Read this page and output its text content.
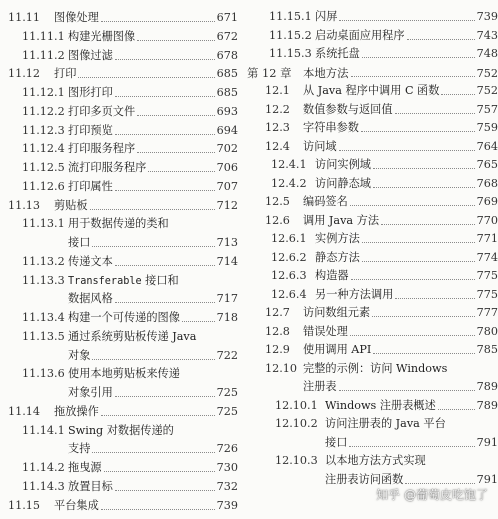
11.11	图像处理	671
11.11.1 构建光栅图像	672
11.11.2 图像过滤	678
11.12	打印	685
11.12.1 图形打印	685
11.12.2 打印多页文件	693
11.12.3 打印预览	694
11.12.4 打印服务程序	702
11.12.5 流打印服务程序	706
11.12.6 打印属性	707
11.13	剪贴板	712
11.13.1 用于数据传递的类和
接口	713
11.13.2 传递文本	714
11.13.3 Transferable 接口和
数据风格	717
11.13.4 构建一个可传递的图像	718
11.13.5 通过系统剪贴板传递 Java
对象	722
11.13.6 使用本地剪贴板来传递
对象引用	725
11.14	拖放操作	725
11.14.1 Swing 对数据传递的
支持	726
11.14.2 拖曳源	730
11.14.3 放置目标	732
11.15	平台集成	739
11.15.1 闪屏	739
11.15.2 启动桌面应用程序	743
11.15.3 系统托盘	748
第 12 章	本地方法	752
12.1	从 Java 程序中调用 C 函数	752
12.2	数值参数与返回值	757
12.3	字符串参数	759
12.4	访问域	764
12.4.1 访问实例域	765
12.4.2 访问静态域	768
12.5	编码签名	769
12.6	调用 Java 方法	770
12.6.1 实例方法	771
12.6.2 静态方法	774
12.6.3 构造器	775
12.6.4 另一种方法调用	775
12.7	访问数组元素	777
12.8	错误处理	780
12.9	使用调用 API	785
12.10 完整的示例：访问 Windows
注册表	789
12.10.1 Windows 注册表概述	789
12.10.2 访问注册表的 Java 平台
接口	791
12.10.3 以本地方法方式实现
注册表访问函数	791
知乎 @葡萄皮吃饱了
